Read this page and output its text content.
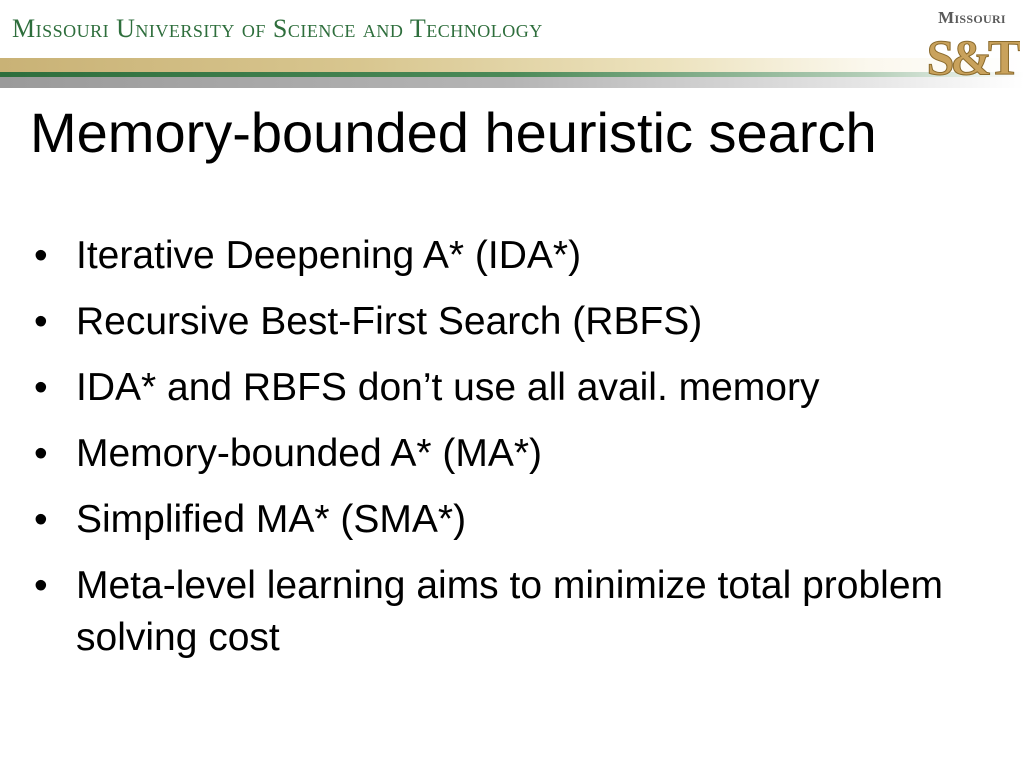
Missouri University of Science and Technology	Missouri
S&T
Memory-bounded heuristic search
• Iterative Deepening A* (IDA*)
• Recursive Best-First Search (RBFS)
• IDA* and RBFS don’t use all avail. memory
• Memory-bounded A* (MA*)
• Simplified MA* (SMA*)
• Meta-level learning aims to minimize total problem solving cost
